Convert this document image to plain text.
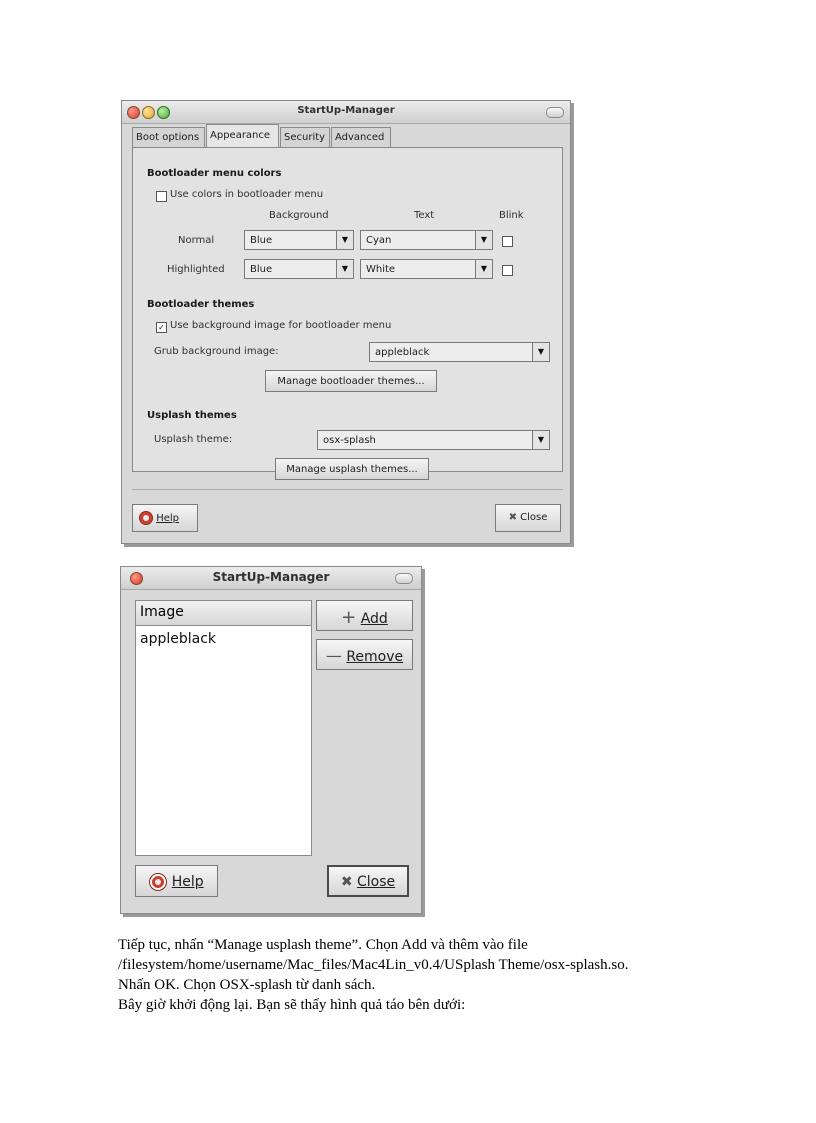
StartUp-Manager
Boot options	Appearance	Security Advanced
Bootloader menu colors
Use colors in bootloader menu
Background	Text	Blink
Normal	Blue	▼	Cyan	▼
Highlighted	Blue	▼	White	▼
Bootloader themes
✓ Use background image for bootloader menu
Grub background image:	appleblack	▼
Manage bootloader themes...
Usplash themes
Usplash theme:	osx-splash	▼
Manage usplash themes...
Help	✖ Close
StartUp-Manager
Image
appleblack
+ Add
— Remove
Help	✖ Close
Tiếp tục, nhấn “Manage usplash theme”. Chọn Add và thêm vào file
/filesystem/home/username/Mac_files/Mac4Lin_v0.4/USplash Theme/osx-splash.so.
Nhấn OK. Chọn OSX-splash từ danh sách.
Bây giờ khởi động lại. Bạn sẽ thấy hình quả táo bên dưới:
